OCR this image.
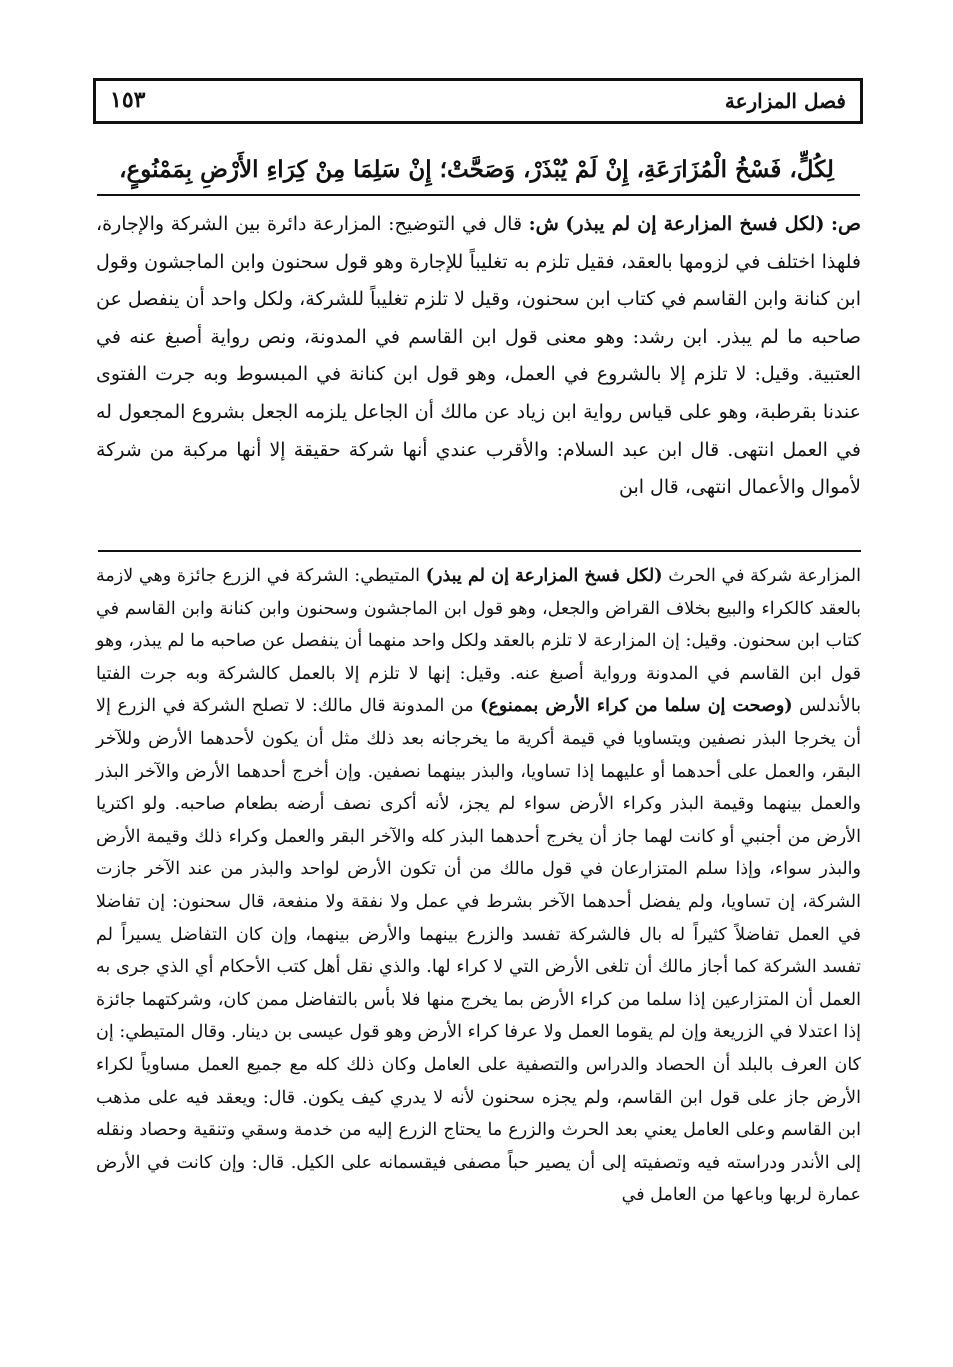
فصل المزارعة
١٥٣
لِكُلٍّ، فَسْخُ الْمُزَارَعَةِ، إِنْ لَمْ يُبْذَرْ، وَصَحَّتْ؛ إِنْ سَلِمَا مِنْ كِرَاءِ الأَرْضِ بِمَمْنُوعٍ،

ص: (لكل فسخ المزارعة إن لم يبذر) ش: قال في التوضيح: المزارعة دائرة بين الشركة والإجارة، فلهذا اختلف في لزومها بالعقد، فقيل تلزم به تغليباً للإجارة وهو قول سحنون وابن الماجشون وقول ابن كنانة وابن القاسم في كتاب ابن سحنون، وقيل لا تلزم تغليباً للشركة، ولكل واحد أن ينفصل عن صاحبه ما لم يبذر. ابن رشد: وهو معنى قول ابن القاسم في المدونة، ونص رواية أصبغ عنه في العتبية. وقيل: لا تلزم إلا بالشروع في العمل، وهو قول ابن كنانة في المبسوط وبه جرت الفتوى عندنا بقرطبة، وهو على قياس رواية ابن زياد عن مالك أن الجاعل يلزمه الجعل بشروع المجعول له في العمل انتهى. قال ابن عبد السلام: والأقرب عندي أنها شركة حقيقة إلا أنها مركبة من شركة لأموال والأعمال انتهى، قال ابن

المزارعة شركة في الحرث (لكل فسخ المزارعة إن لم يبذر) المتيطي: الشركة في الزرع جائزة وهي لازمة بالعقد كالكراء والبيع بخلاف القراض والجعل، وهو قول ابن الماجشون وسحنون وابن كنانة وابن القاسم في كتاب ابن سحنون. وقيل: إن المزارعة لا تلزم بالعقد ولكل واحد منهما أن ينفصل عن صاحبه ما لم يبذر، وهو قول ابن القاسم في المدونة ورواية أصبغ عنه. وقيل: إنها لا تلزم إلا بالعمل كالشركة وبه جرت الفتيا بالأندلس (وصحت إن سلما من كراء الأرض بممنوع) من المدونة قال مالك: لا تصلح الشركة في الزرع إلا أن يخرجا البذر نصفين ويتساويا في قيمة أكرية ما يخرجانه بعد ذلك مثل أن يكون لأحدهما الأرض وللآخر البقر، والعمل على أحدهما أو عليهما إذا تساويا، والبذر بينهما نصفين. وإن أخرج أحدهما الأرض والآخر البذر والعمل بينهما وقيمة البذر وكراء الأرض سواء لم يجز، لأنه أكرى نصف أرضه بطعام صاحبه. ولو اكتريا الأرض من أجنبي أو كانت لهما جاز أن يخرج أحدهما البذر كله والآخر البقر والعمل وكراء ذلك وقيمة الأرض والبذر سواء، وإذا سلم المتزارعان في قول مالك من أن تكون الأرض لواحد والبذر من عند الآخر جازت الشركة، إن تساويا، ولم يفضل أحدهما الآخر بشرط في عمل ولا نفقة ولا منفعة، قال سحنون: إن تفاضلا في العمل تفاضلاً كثيراً له بال فالشركة تفسد والزرع بينهما والأرض بينهما، وإن كان التفاضل يسيراً لم تفسد الشركة كما أجاز مالك أن تلغى الأرض التي لا كراء لها. والذي نقل أهل كتب الأحكام أي الذي جرى به العمل أن المتزارعين إذا سلما من كراء الأرض بما يخرج منها فلا بأس بالتفاضل ممن كان، وشركتهما جائزة إذا اعتدلا في الزريعة وإن لم يقوما العمل ولا عرفا كراء الأرض وهو قول عيسى بن دينار. وقال المتيطي: إن كان العرف بالبلد أن الحصاد والدراس والتصفية على العامل وكان ذلك كله مع جميع العمل مساوياً لكراء الأرض جاز على قول ابن القاسم، ولم يجزه سحنون لأنه لا يدري كيف يكون. قال: ويعقد فيه على مذهب ابن القاسم وعلى العامل يعني بعد الحرث والزرع ما يحتاج الزرع إليه من خدمة وسقي وتنقية وحصاد ونقله إلى الأندر ودراسته فيه وتصفيته إلى أن يصير حباً مصفى فيقسمانه على الكيل. قال: وإن كانت في الأرض عمارة لربها وباعها من العامل في
